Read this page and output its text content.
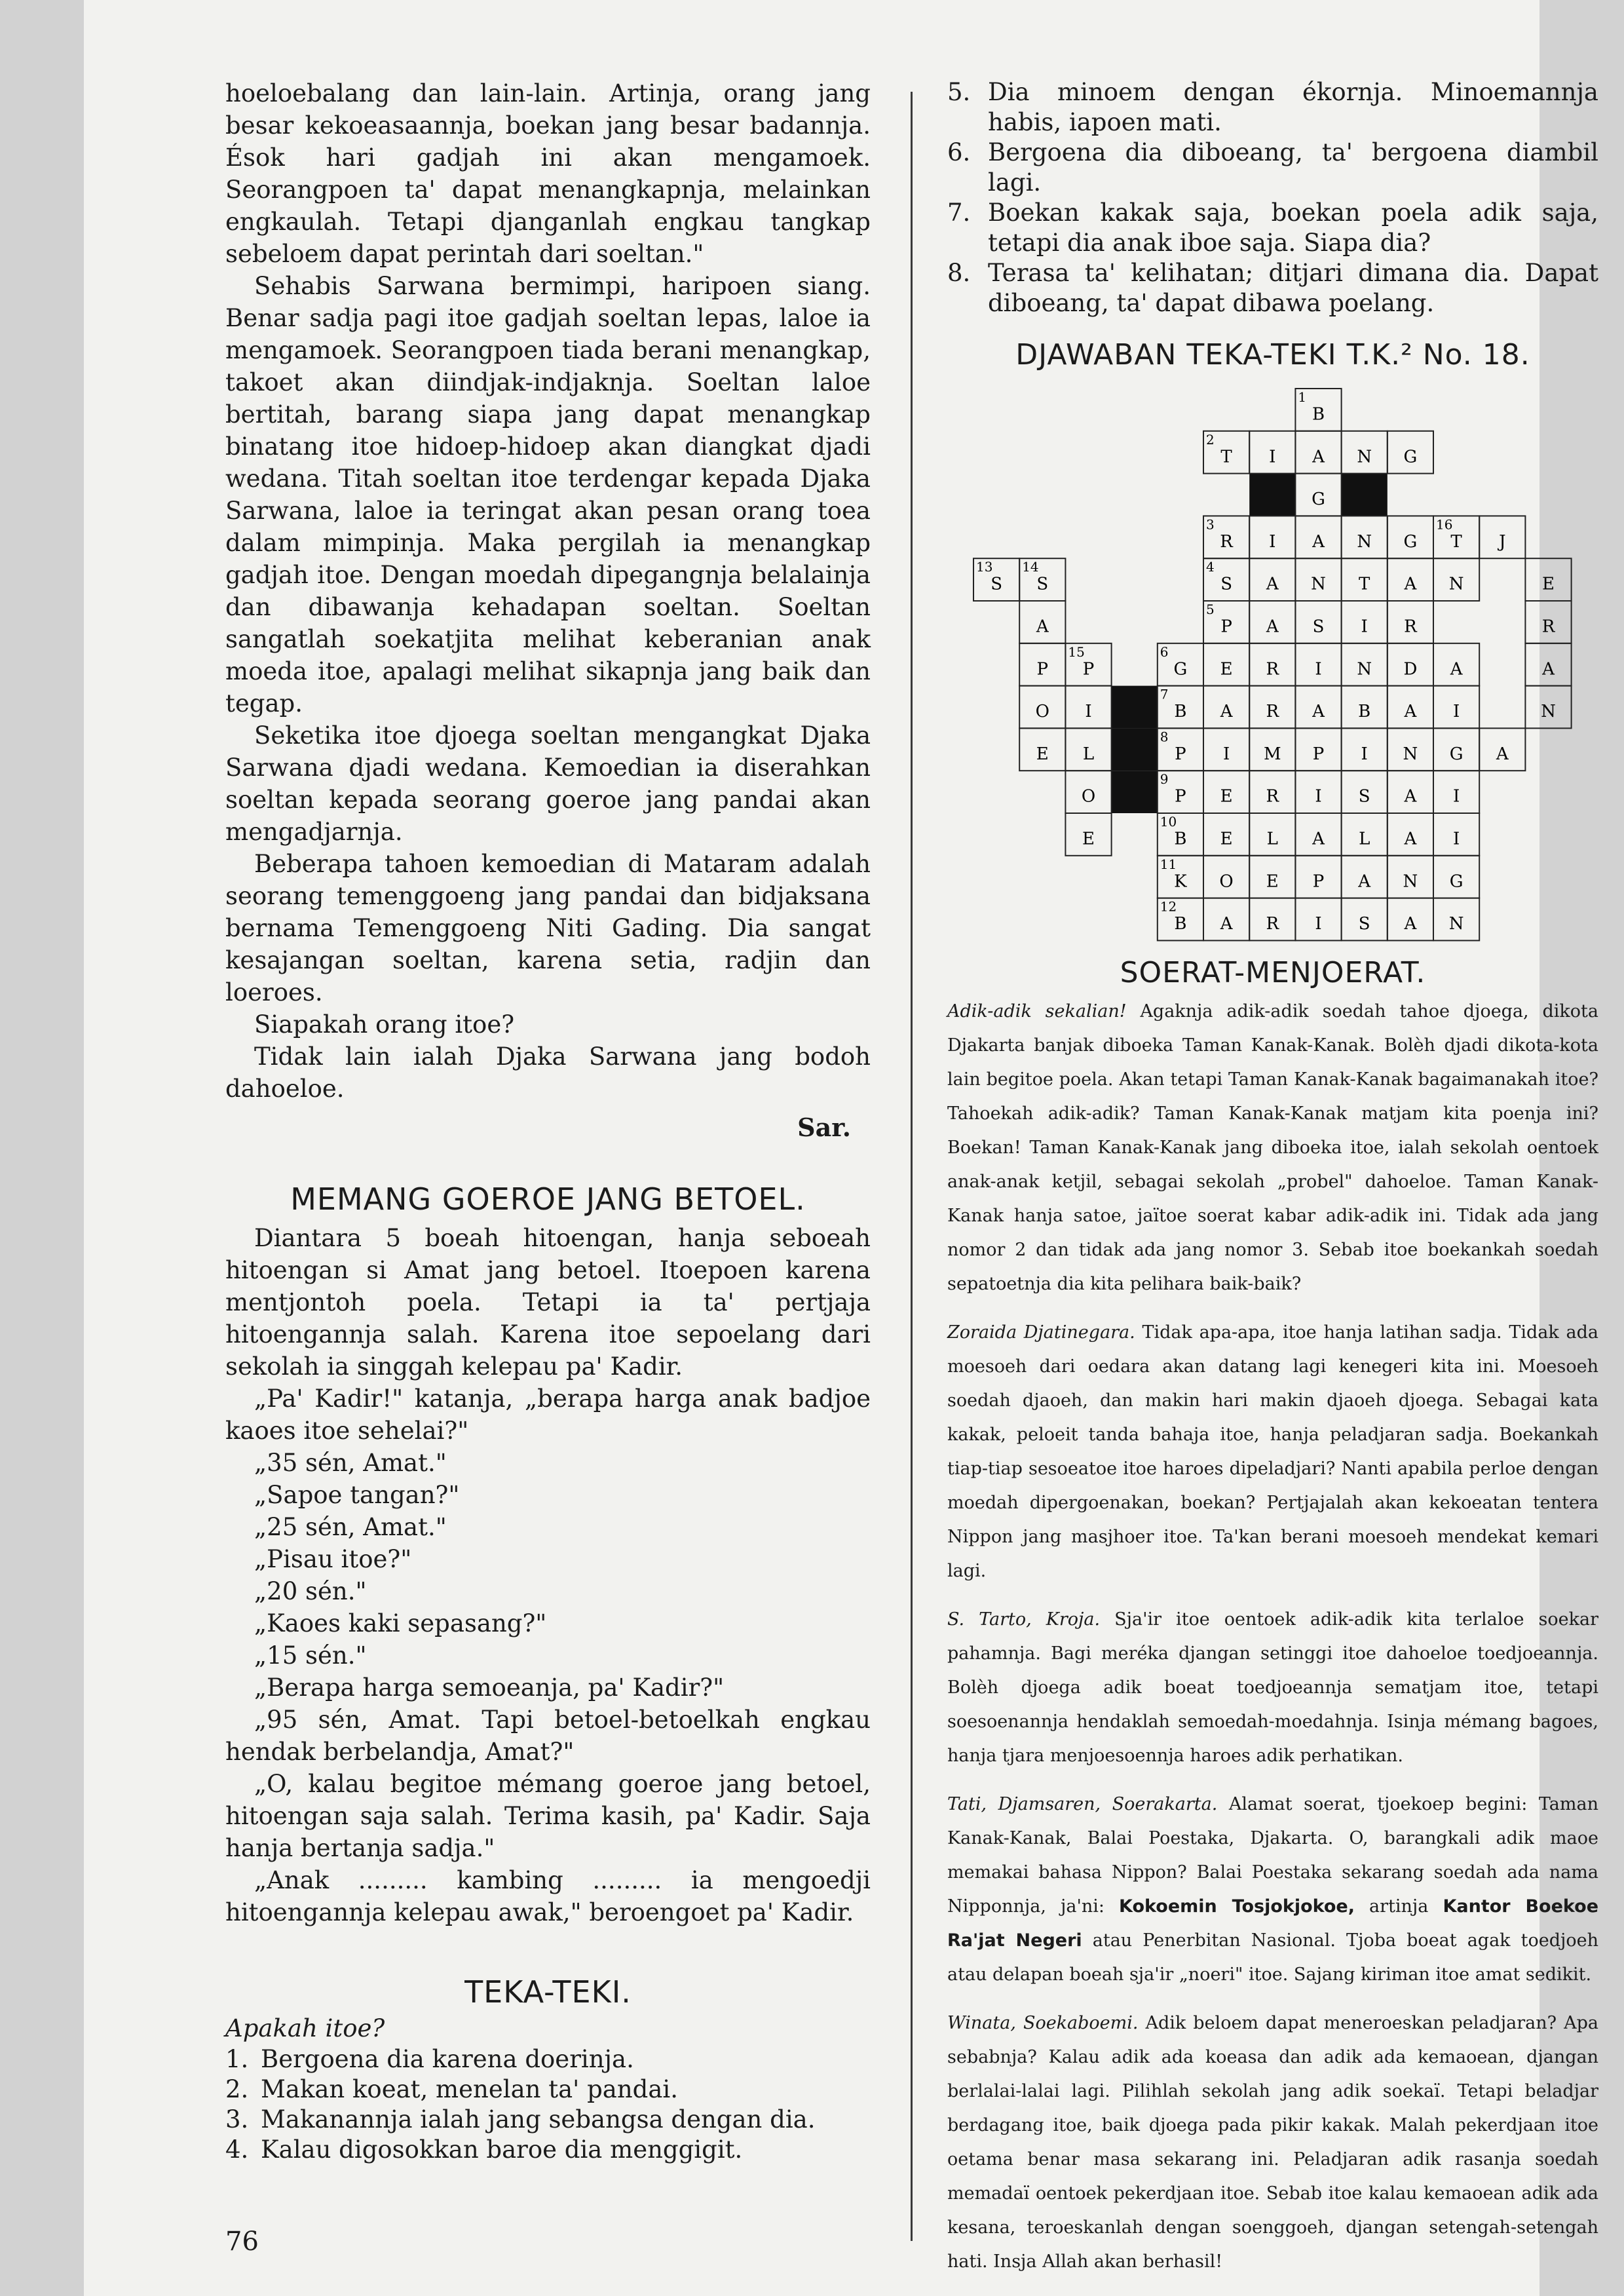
hoeloebalang dan lain-lain. Artinja, orang jang besar kekoeasaannja, boekan jang besar badannja. Ésok hari gadjah ini akan mengamoek. Seorangpoen ta' dapat menangkapnja, melainkan engkaulah. Tetapi djanganlah engkau tangkap sebeloem dapat perintah dari soeltan."

Sehabis Sarwana bermimpi, haripoen siang. Benar sadja pagi itoe gadjah soeltan lepas, laloe ia mengamoek. Seorangpoen tiada berani menangkap, takoet akan diindjak-indjaknja. Soeltan laloe bertitah, barang siapa jang dapat menangkap binatang itoe hidoep-hidoep akan diangkat djadi wedana. Titah soeltan itoe terdengar kepada Djaka Sarwana, laloe ia teringat akan pesan orang toea dalam mimpinja. Maka pergilah ia menangkap gadjah itoe. Dengan moedah dipegangnja belalainja dan dibawanja kehadapan soeltan. Soeltan sangatlah soekatjita melihat keberanian anak moeda itoe, apalagi melihat sikapnja jang baik dan tegap.

Seketika itoe djoega soeltan mengangkat Djaka Sarwana djadi wedana. Kemoedian ia diserahkan soeltan kepada seorang goeroe jang pandai akan mengadjarnja.

Beberapa tahoen kemoedian di Mataram adalah seorang temenggoeng jang pandai dan bidjaksana bernama Temenggoeng Niti Gading. Dia sangat kesajangan soeltan, karena setia, radjin dan loeroes.

Siapakah orang itoe?

Tidak lain ialah Djaka Sarwana jang bodoh dahoeloe.

Sar.

MEMANG GOEROE JANG BETOEL.

Diantara 5 boeah hitoengan, hanja seboeah hitoengan si Amat jang betoel. Itoepoen karena mentjontoh poela. Tetapi ia ta' pertjaja hitoengannja salah. Karena itoe sepoelang dari sekolah ia singgah kelepau pa' Kadir.

„Pa' Kadir!" katanja, „berapa harga anak badjoe kaoes itoe sehelai?"

„35 sén, Amat."

„Sapoe tangan?"

„25 sén, Amat."

„Pisau itoe?"

„20 sén."

„Kaoes kaki sepasang?"

„15 sén."

„Berapa harga semoeanja, pa' Kadir?"

„95 sén, Amat. Tapi betoel-betoelkah engkau hendak berbelandja, Amat?"

„O, kalau begitoe mémang goeroe jang betoel, hitoengan saja salah. Terima kasih, pa' Kadir. Saja hanja bertanja sadja."

„Anak ......... kambing ......... ia mengoedji hitoengannja kelepau awak," beroengoet pa' Kadir.

TEKA-TEKI.

Apakah itoe?

1. Bergoena dia karena doerinja.
2. Makan koeat, menelan ta' pandai.
3. Makanannja ialah jang sebangsa dengan dia.
4. Kalau digosokkan baroe dia menggigit.
5. Dia minoem dengan ékornja. Minoemannja habis, iapoen mati.
6. Bergoena dia diboeang, ta' bergoena diambil lagi.
7. Boekan kakak saja, boekan poela adik saja, tetapi dia anak iboe saja. Siapa dia?
8. Terasa ta' kelihatan; ditjari dimana dia. Dapat diboeang, ta' dapat dibawa poelang.
DJAWABAN TEKA-TEKI T.K.² No. 18.
B
1
T
2
I A N G
G
R
3
I A N G T
16
J
S
4
A N T A N
P
5
A S I R
G
6
E R I N D A
B
7
A R A B A I
P
8
I M P I N G A
P
9
E R I S A I
B
10
E L A L A I
K
11
O E P A N G
B
12
A R I S A N
S
13
S
14
A
P
O
E
P
15
I
L
O
E
E
R
A
N
SOERAT-MENJOERAT.

Adik-adik sekalian! Agaknja adik-adik soedah tahoe djoega, dikota Djakarta banjak diboeka Taman Kanak-Kanak. Bolèh djadi dikota-kota lain begitoe poela. Akan tetapi Taman Kanak-Kanak bagaimanakah itoe? Tahoekah adik-adik? Taman Kanak-Kanak matjam kita poenja ini? Boekan! Taman Kanak-Kanak jang diboeka itoe, ialah sekolah oentoek anak-anak ketjil, sebagai sekolah „probel" dahoeloe. Taman Kanak-Kanak hanja satoe, jaïtoe soerat kabar adik-adik ini. Tidak ada jang nomor 2 dan tidak ada jang nomor 3. Sebab itoe boekankah soedah sepatoetnja dia kita pelihara baik-baik?

Zoraida Djatinegara. Tidak apa-apa, itoe hanja latihan sadja. Tidak ada moesoeh dari oedara akan datang lagi kenegeri kita ini. Moesoeh soedah djaoeh, dan makin hari makin djaoeh djoega. Sebagai kata kakak, peloeit tanda bahaja itoe, hanja peladjaran sadja. Boekankah tiap-tiap sesoeatoe itoe haroes dipeladjari? Nanti apabila perloe dengan moedah dipergoenakan, boekan? Pertjajalah akan kekoeatan tentera Nippon jang masjhoer itoe. Ta'kan berani moesoeh mendekat kemari lagi.

S. Tarto, Kroja. Sja'ir itoe oentoek adik-adik kita terlaloe soekar pahamnja. Bagi meréka djangan setinggi itoe dahoeloe toedjoeannja. Bolèh djoega adik boeat toedjoeannja sematjam itoe, tetapi soesoenannja hendaklah semoedah-moedahnja. Isinja mémang bagoes, hanja tjara menjoesoennja haroes adik perhatikan.

Tati, Djamsaren, Soerakarta. Alamat soerat, tjoekoep begini: Taman Kanak-Kanak, Balai Poestaka, Djakarta. O, barangkali adik maoe memakai bahasa Nippon? Balai Poestaka sekarang soedah ada nama Nipponnja, ja'ni: Kokoemin Tosjokjokoe, artinja Kantor Boekoe Ra'jat Negeri atau Penerbitan Nasional. Tjoba boeat agak toedjoeh atau delapan boeah sja'ir „noeri" itoe. Sajang kiriman itoe amat sedikit.

Winata, Soekaboemi. Adik beloem dapat meneroeskan peladjaran? Apa sebabnja? Kalau adik ada koeasa dan adik ada kemaoean, djangan berlalai-lalai lagi. Pilihlah sekolah jang adik soekaï. Tetapi beladjar berdagang itoe, baik djoega pada pikir kakak. Malah pekerdjaan itoe oetama benar masa sekarang ini. Peladjaran adik rasanja soedah memadaï oentoek pekerdjaan itoe. Sebab itoe kalau kemaoean adik ada kesana, teroeskanlah dengan soenggoeh, djangan setengah-setengah hati. Insja Allah akan berhasil!

76
